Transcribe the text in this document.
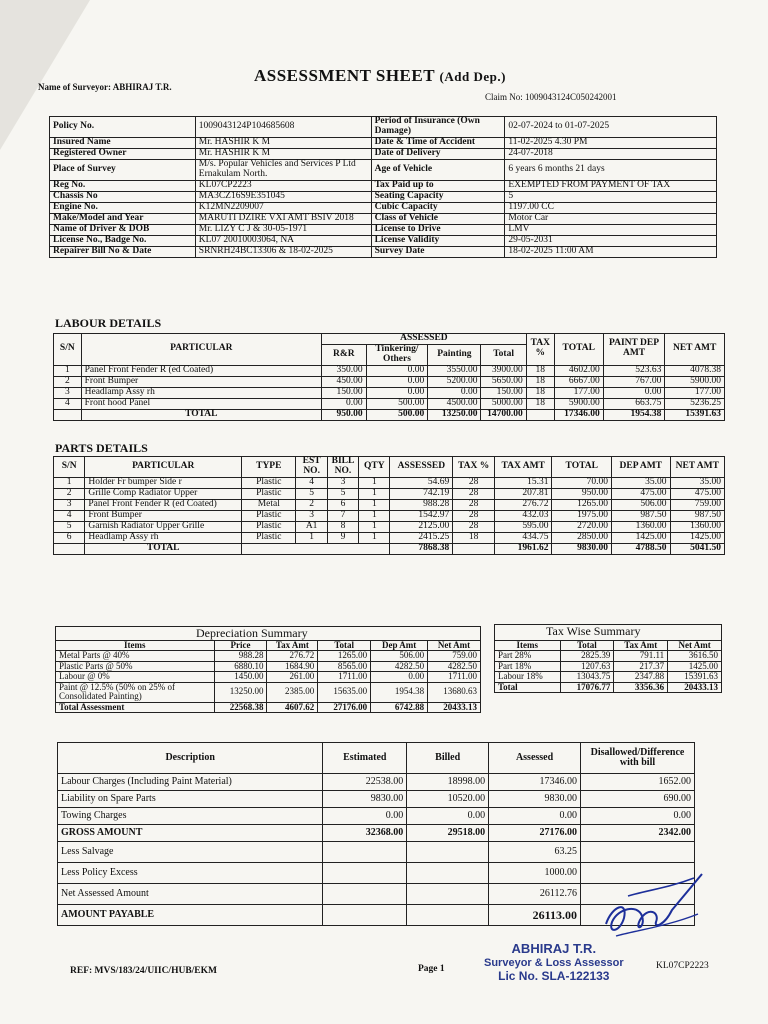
Name of Surveyor: ABHIRAJ T.R.
ASSESSMENT SHEET (Add Dep.)
Claim No: 1009043124C050242001
Policy No.	1009043124P104685608	Period of Insurance (Own Damage)	02-07-2024 to 01-07-2025
Insured Name	Mr. HASHIR K M	Date & Time of Accident	11-02-2025 4.30 PM
Registered Owner	Mr. HASHIR K M	Date of Delivery	24-07-2018
Place of Survey	M/s. Popular Vehicles and Services P Ltd Ernakulam North.	Age of Vehicle	6 years 6 months 21 days
Reg No.	KL07CP2223	Tax Paid up to	EXEMPTED FROM PAYMENT OF TAX
Chassis No	MA3CZ16S9E351045	Seating Capacity	5
Engine No.	K12MN2209007	Cubic Capacity	1197.00 CC
Make/Model and Year	MARUTI DZIRE VXI AMT BSIV 2018	Class of Vehicle	Motor Car
Name of Driver & DOB	Mr. LIZY C J & 30-05-1971	License to Drive	LMV
License No., Badge No.	KL07 20010003064, NA	License Validity	29-05-2031
Repairer Bill No & Date	SRNRH24BC13306 & 18-02-2025	Survey Date	18-02-2025 11:00 AM
LABOUR DETAILS
S/N	PARTICULAR	ASSESSED				TAX %	TOTAL	PAINT DEP AMT	NET AMT
		R&R	Tinkering/ Others	Painting	Total				
1	Panel Front Fender R (ed Coated)	350.00	0.00	3550.00	3900.00	18	4602.00	523.63	4078.38
2	Front Bumper	450.00	0.00	5200.00	5650.00	18	6667.00	767.00	5900.00
3	Headlamp Assy rh	150.00	0.00	0.00	150.00	18	177.00	0.00	177.00
4	Front hood Panel	0.00	500.00	4500.00	5000.00	18	5900.00	663.75	5236.25
	TOTAL	950.00	500.00	13250.00	14700.00		17346.00	1954.38	15391.63
PARTS DETAILS
S/N	PARTICULAR	TYPE	EST NO.	BILL NO.	QTY	ASSESSED	TAX %	TAX AMT	TOTAL	DEP AMT	NET AMT
1	Holder Fr bumper Side r	Plastic	4	3	1	54.69	28	15.31	70.00	35.00	35.00
2	Grille Comp Radiator Upper	Plastic	5	5	1	742.19	28	207.81	950.00	475.00	475.00
3	Panel Front Fender R (ed Coated)	Metal	2	6	1	988.28	28	276.72	1265.00	506.00	759.00
4	Front Bumper	Plastic	3	7	1	1542.97	28	432.03	1975.00	987.50	987.50
5	Garnish Radiator Upper Grille	Plastic	A1	8	1	2125.00	28	595.00	2720.00	1360.00	1360.00
6	Headlamp Assy rh	Plastic	1	9	1	2415.25	18	434.75	2850.00	1425.00	1425.00
	TOTAL					7868.38		1961.62	9830.00	4788.50	5041.50
Depreciation Summary
Items	Price	Tax Amt	Total	Dep Amt	Net Amt
Metal Parts @ 40%	988.28	276.72	1265.00	506.00	759.00
Plastic Parts @ 50%	6880.10	1684.90	8565.00	4282.50	4282.50
Labour @ 0%	1450.00	261.00	1711.00	0.00	1711.00
Paint @ 12.5% (50% on 25% of Consolidated Painting)	13250.00	2385.00	15635.00	1954.38	13680.63
Total Assessment	22568.38	4607.62	27176.00	6742.88	20433.13
Tax Wise Summary
Items	Total	Tax Amt	Net Amt
Part 28%	2825.39	791.11	3616.50
Part 18%	1207.63	217.37	1425.00
Labour 18%	13043.75	2347.88	15391.63
Total	17076.77	3356.36	20433.13
Description	Estimated	Billed	Assessed	Disallowed/Difference with bill
Labour Charges (Including Paint Material)	22538.00	18998.00	17346.00	1652.00
Liability on Spare Parts	9830.00	10520.00	9830.00	690.00
Towing Charges	0.00	0.00	0.00	0.00
GROSS AMOUNT	32368.00	29518.00	27176.00	2342.00
Less Salvage			63.25	
Less Policy Excess			1000.00	
Net Assessed Amount			26112.76	
AMOUNT PAYABLE			26113.00	
REF: MVS/183/24/UIIC/HUB/EKM	Page 1	KL07CP2223
ABHIRAJ T.R.
Surveyor & Loss Assessor
Lic No. SLA-122133
